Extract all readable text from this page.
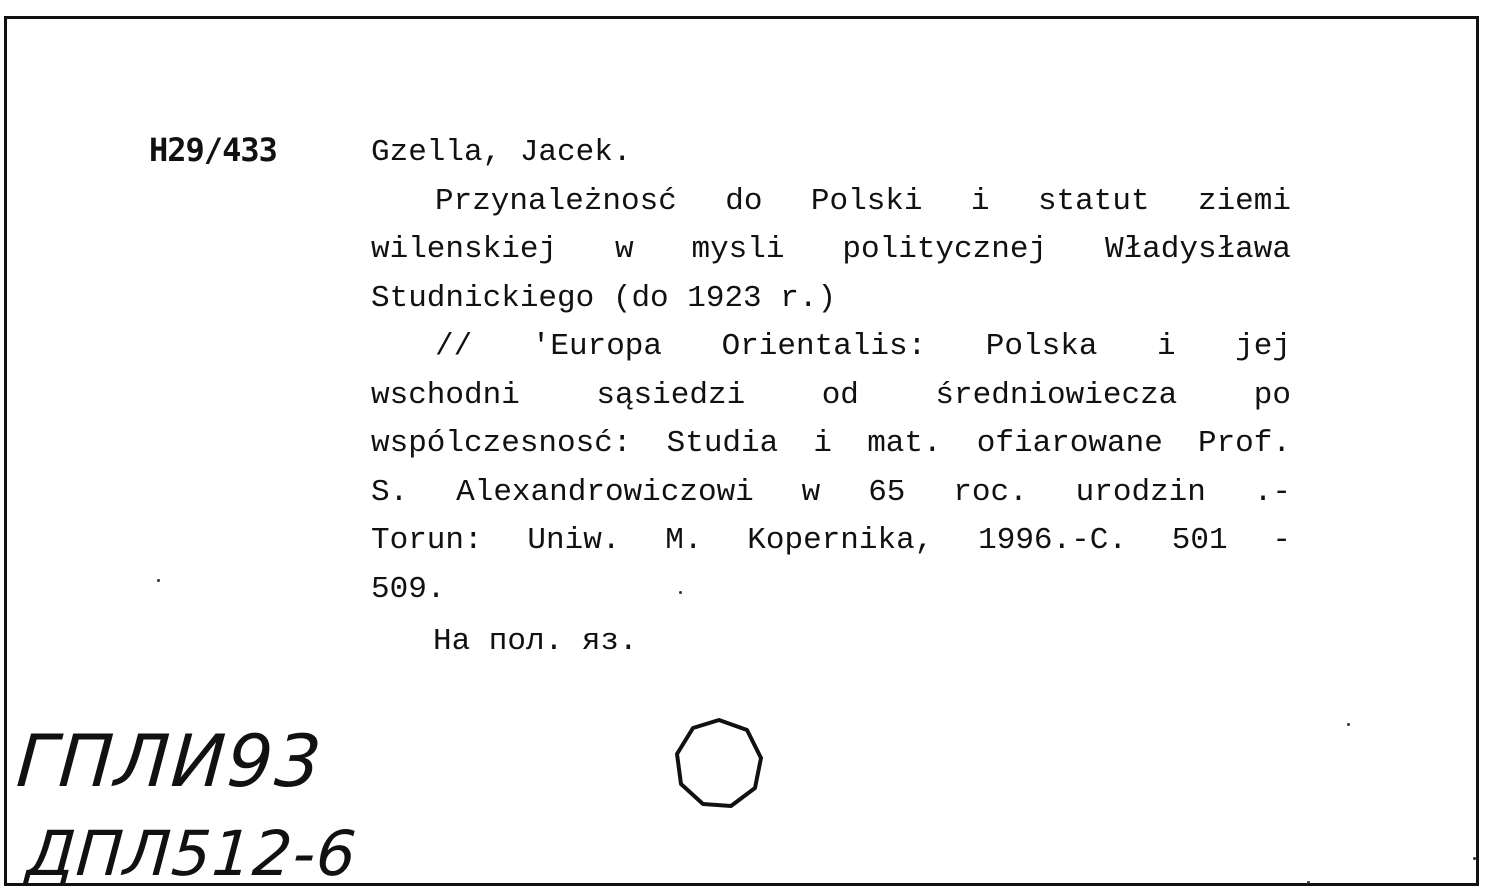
Н29/433	Gzella, Jacek.
Przynależnosć do Polski i statut ziemi
wilenskiej w mysli politycznej Władysława
Studnickiego (do 1923 r.)
// 'Europa Orientalis: Polska i jej
wschodni sąsiedzi od średniowiecza po
wspólczesnosć: Studia i mat. ofiarowane Prof.
S. Alexandrowiczowi w 65 roc. urodzin .-
Torun: Uniw. M. Kopernika, 1996.-C. 501 -
509.
На пол. яз.
ГПЛИ93
ДПЛ512-6
